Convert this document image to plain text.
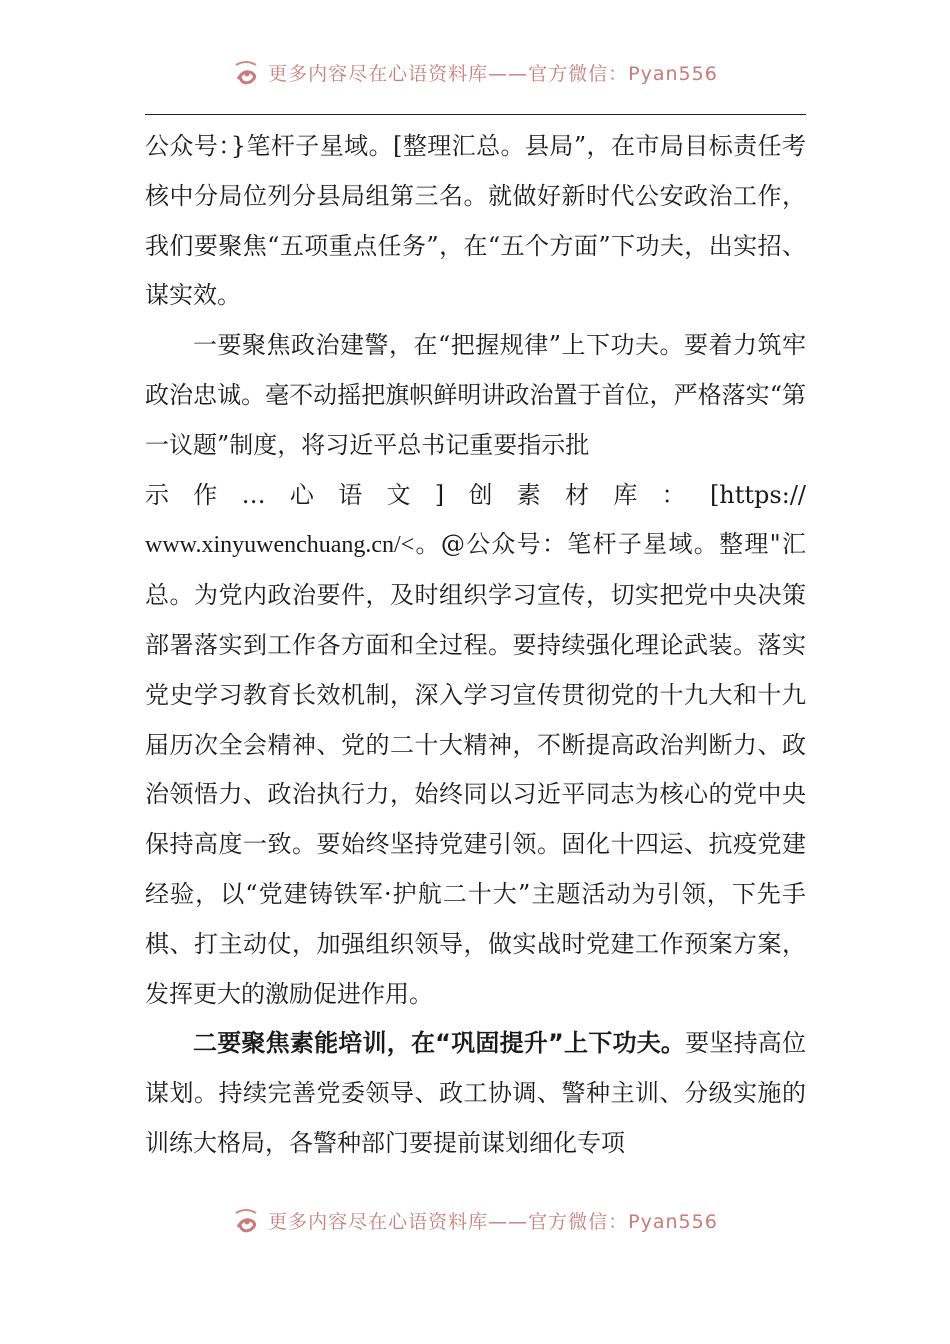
更多内容尽在心语资料库——官方微信：Pyan556

公众号：}笔杆子星域。[整理汇总。县局”，在市局目标责任考核中分局位列分县局组第三名。就做好新时代公安政治工作，我们要聚焦“五项重点任务”，在“五个方面”下功夫，出实招、谋实效。

一要聚焦政治建警，在“把握规律”上下功夫。要着力筑牢政治忠诚。毫不动摇把旗帜鲜明讲政治置于首位，严格落实“第一议题”制度，将习近平总书记重要指示批

示作…心语文]创素材库：[https://

www.xinyuwenchuang.cn/<。@公众号：笔杆子星域。整理"汇总。为党内政治要件，及时组织学习宣传，切实把党中央决策部署落实到工作各方面和全过程。要持续强化理论武装。落实党史学习教育长效机制，深入学习宣传贯彻党的十九大和十九届历次全会精神、党的二十大精神，不断提高政治判断力、政治领悟力、政治执行力，始终同以习近平同志为核心的党中央保持高度一致。要始终坚持党建引领。固化十四运、抗疫党建经验，以“党建铸铁军·护航二十大”主题活动为引领，下先手棋、打主动仗，加强组织领导，做实战时党建工作预案方案，发挥更大的激励促进作用。

二要聚焦素能培训，在“巩固提升”上下功夫。要坚持高位谋划。持续完善党委领导、政工协调、警种主训、分级实施的训练大格局，各警种部门要提前谋划细化专项

更多内容尽在心语资料库——官方微信：Pyan556
